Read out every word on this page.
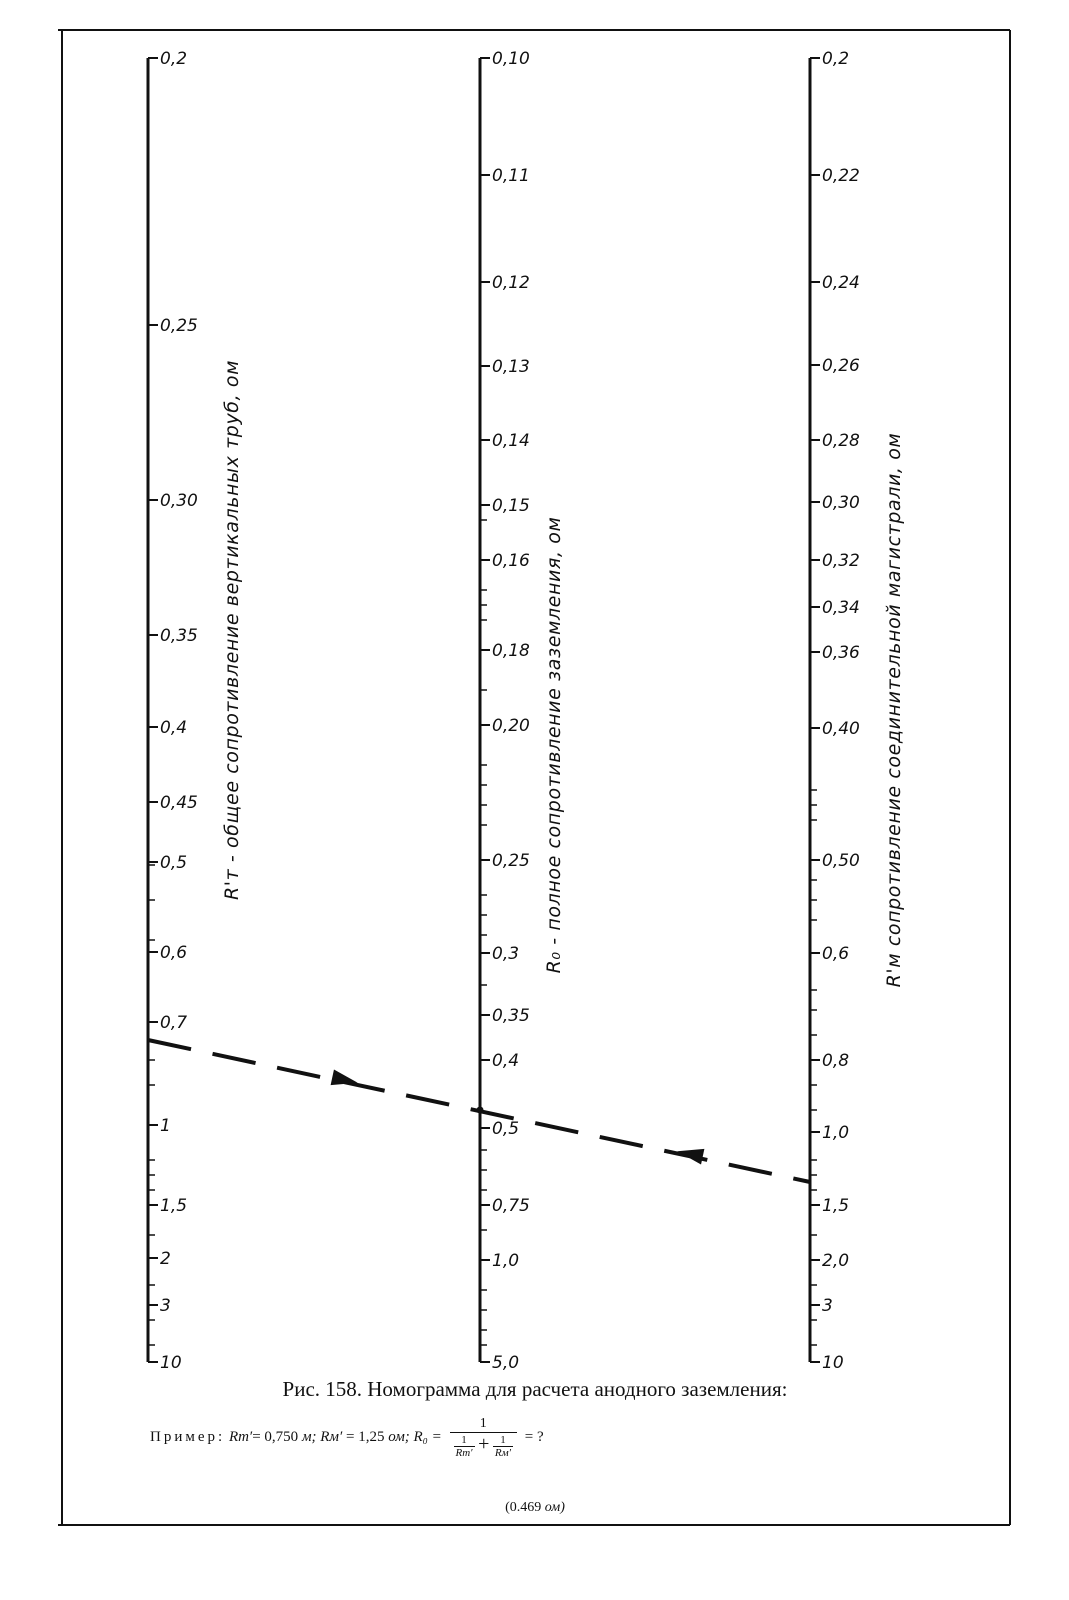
0,2
0,25
0,30
0,35
0,4
0,45
0,5
0,6
0,7
1
1,5
2
3
10
R'т - общее сопротивление вертикальных труб, ом
0,10
0,11
0,12
0,13
0,14
0,15
0,16
0,18
0,20
0,25
0,3
0,35
0,4
0,5
0,75
1,0
5,0
R₀ - полное сопротивление заземления, ом
0,2
0,22
0,24
0,26
0,28
0,30
0,32
0,34
0,36
0,40
0,50
0,6
0,8
1,0
1,5
2,0
3
10
R'м сопротивление соединительной магистрали, ом
Рис. 158. Номограмма для расчета анодного заземления:
Пример: Rт′= 0,750 м; Rм′ = 1,25 ом; $R_0 = \frac{1}{\frac{1}{Rт'} + \frac{1}{Rм'}}$ = ?
(0.469 ом)
